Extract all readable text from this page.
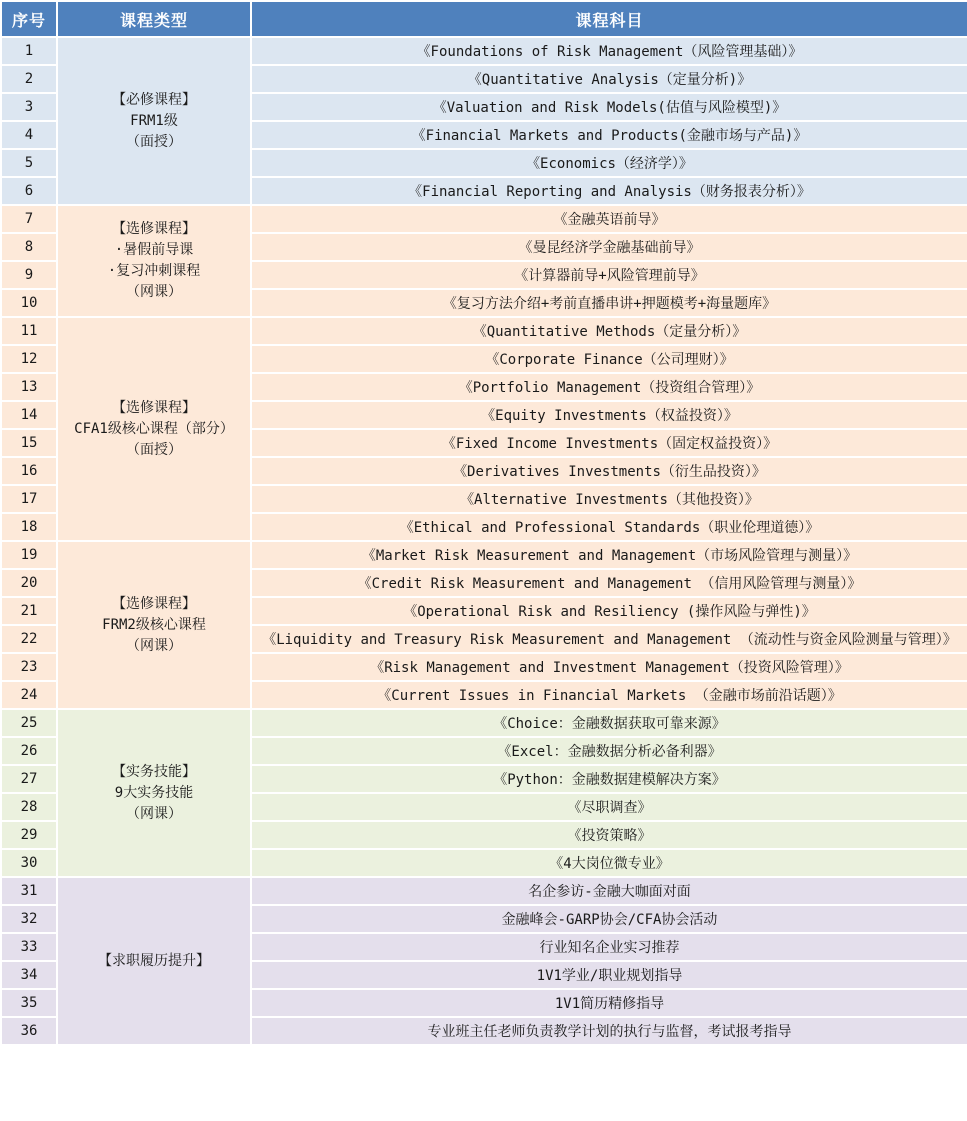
序号	课程类型	课程科目
1	【必修课程】
FRM1级
（面授）	《Foundations of Risk Management（风险管理基础）》
2		《Quantitative Analysis（定量分析)》
3		《Valuation and Risk Models(估值与风险模型)》
4		《Financial Markets and Products(金融市场与产品)》
5		《Economics（经济学）》
6		《Financial Reporting and Analysis（财务报表分析）》
7	【选修课程】
·暑假前导课
·复习冲刺课程
（网课）	《金融英语前导》
8		《曼昆经济学金融基础前导》
9		《计算器前导+风险管理前导》
10		《复习方法介绍+考前直播串讲+押题模考+海量题库》
11	【选修课程】
CFA1级核心课程（部分）
（面授）	《Quantitative Methods（定量分析）》
12		《Corporate Finance（公司理财）》
13		《Portfolio Management（投资组合管理）》
14		《Equity Investments（权益投资）》
15		《Fixed Income Investments（固定权益投资）》
16		《Derivatives Investments（衍生品投资）》
17		《Alternative Investments（其他投资）》
18		《Ethical and Professional Standards（职业伦理道德）》
19	【选修课程】
FRM2级核心课程
（网课）	《Market Risk Measurement and Management（市场风险管理与测量）》
20		《Credit Risk Measurement and Management （信用风险管理与测量）》
21		《Operational Risk and Resiliency (操作风险与弹性)》
22		《Liquidity and Treasury Risk Measurement and Management （流动性与资金风险测量与管理）》
23		《Risk Management and Investment Management（投资风险管理）》
24		《Current Issues in Financial Markets （金融市场前沿话题）》
25	【实务技能】
9大实务技能
（网课）	《Choice：金融数据获取可靠来源》
26		《Excel：金融数据分析必备利器》
27		《Python：金融数据建模解决方案》
28		《尽职调查》
29		《投资策略》
30		《4大岗位微专业》
31	【求职履历提升】	名企参访-金融大咖面对面
32		金融峰会-GARP协会/CFA协会活动
33		行业知名企业实习推荐
34		1V1学业/职业规划指导
35		1V1简历精修指导
36		专业班主任老师负责教学计划的执行与监督，考试报考指导
